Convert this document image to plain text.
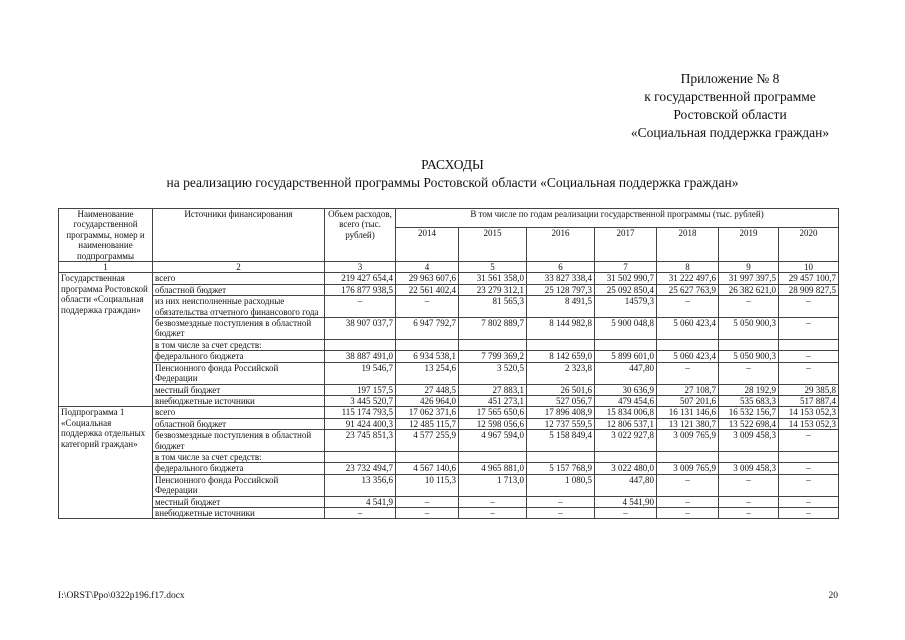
Приложение № 8
к государственной программе
Ростовской области
«Социальная поддержка граждан»
РАСХОДЫ
на реализацию государственной программы Ростовской области «Социальная поддержка граждан»
Наименование государственной программы, номер и наименование подпрограммы	Источники финансирования	Объем расходов, всего (тыс. рублей)	В том числе по годам реализации государственной программы (тыс. рублей)						
			2014	2015	2016	2017	2018	2019	2020
1	2	3	4	5	6	7	8	9	10
Государственная программа Ростовской области «Социальная поддержка граждан»	всего	219 427 654,4	29 963 607,6	31 561 358,0	33 827 338,4	31 502 990,7	31 222 497,6	31 997 397,5	29 457 100,7
	областной бюджет	176 877 938,5	22 561 402,4	23 279 312,1	25 128 797,3	25 092 850,4	25 627 763,9	26 382 621,0	28 909 827,5
	из них неисполненные расходные обязательства отчетного финансового года	–	–	81 565,3	8 491,5	14579,3	–	–	–
	безвозмездные поступления в областной бюджет	38 907 037,7	6 947 792,7	7 802 889,7	8 144 982,8	5 900 048,8	5 060 423,4	5 050 900,3	–
	в том числе за счет средств:								
	федерального бюджета	38 887 491,0	6 934 538,1	7 799 369,2	8 142 659,0	5 899 601,0	5 060 423,4	5 050 900,3	–
	Пенсионного фонда Российской Федерации	19 546,7	13 254,6	3 520,5	2 323,8	447,80	–	–	–
	местный бюджет	197 157,5	27 448,5	27 883,1	26 501,6	30 636,9	27 108,7	28 192,9	29 385,8
	внебюджетные источники	3 445 520,7	426 964,0	451 273,1	527 056,7	479 454,6	507 201,6	535 683,3	517 887,4
Подпрограмма 1 «Социальная поддержка отдельных категорий граждан»	всего	115 174 793,5	17 062 371,6	17 565 650,6	17 896 408,9	15 834 006,8	16 131 146,6	16 532 156,7	14 153 052,3
	областной бюджет	91 424 400,3	12 485 115,7	12 598 056,6	12 737 559,5	12 806 537,1	13 121 380,7	13 522 698,4	14 153 052,3
	безвозмездные поступления в областной бюджет	23 745 851,3	4 577 255,9	4 967 594,0	5 158 849,4	3 022 927,8	3 009 765,9	3 009 458,3	–
	в том числе за счет средств:								
	федерального бюджета	23 732 494,7	4 567 140,6	4 965 881,0	5 157 768,9	3 022 480,0	3 009 765,9	3 009 458,3	–
	Пенсионного фонда Российской Федерации	13 356,6	10 115,3	1 713,0	1 080,5	447,80	–	–	–
	местный бюджет	4 541,9	–	–	–	4 541,90	–	–	–
	внебюджетные источники	–	–	–	–	–	–	–	–
I:\ORST\Ppo\0322p196.f17.docx	20
